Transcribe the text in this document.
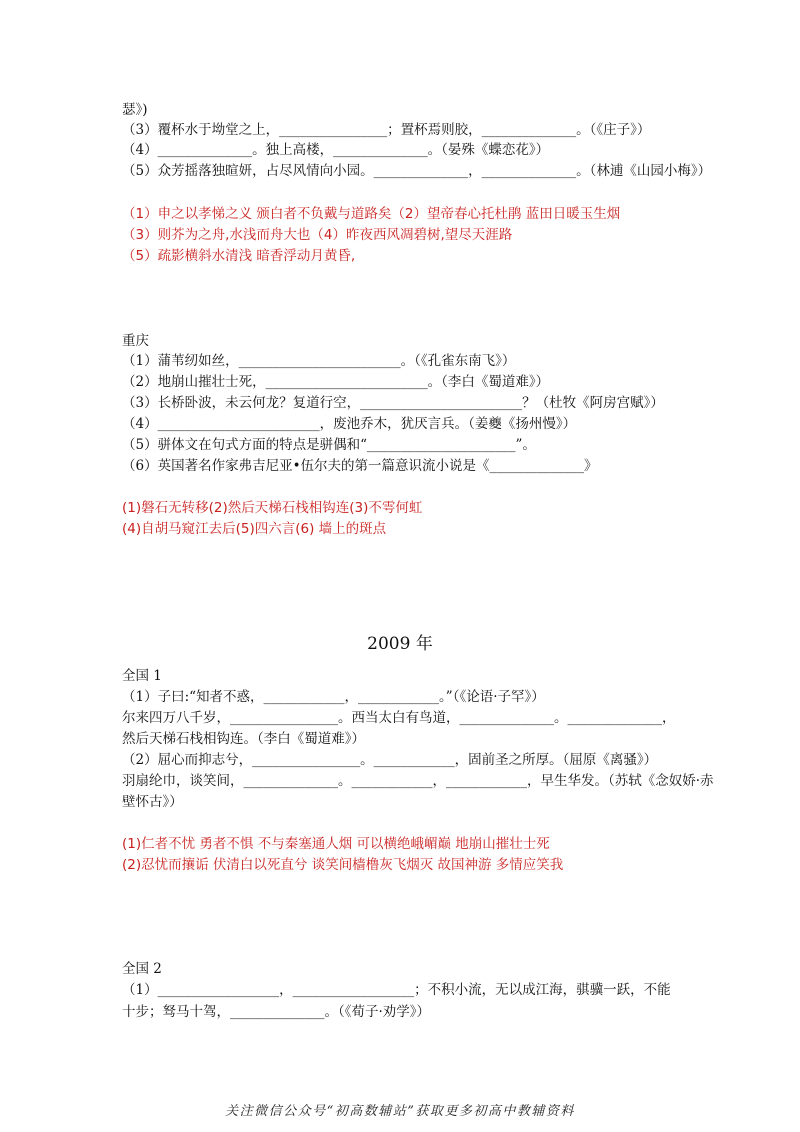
瑟》)
（3）覆杯水于坳堂之上，________________；置杯焉则胶，______________。（《庄子》）
（4）______________。独上高楼，______________。（晏殊《蝶恋花》）
（5）众芳摇落独暄妍，占尽风情向小园。______________，______________。（林逋《山园小梅》）
（1）申之以孝悌之义 颁白者不负戴与道路矣（2）望帝春心托杜鹃 蓝田日暖玉生烟
（3）则芥为之舟,水浅而舟大也（4）昨夜西风凋碧树,望尽天涯路
（5）疏影横斜水清浅 暗香浮动月黄昏,
重庆
（1）蒲苇纫如丝，________________________。（《孔雀东南飞》）
（2）地崩山摧壮士死，________________________。（李白《蜀道难》）
（3）长桥卧波，未云何龙？复道行空，________________________？（杜牧《阿房宫赋》）
（4）________________________，废池乔木，犹厌言兵。（姜夔《扬州慢》）
（5）骈体文在句式方面的特点是骈偶和“______________________”。
（6）英国著名作家弗吉尼亚•伍尔夫的第一篇意识流小说是《______________》
(1)磐石无转移(2)然后天梯石栈相钩连(3)不雩何虹
(4)自胡马窥江去后(5)四六言(6) 墙上的斑点
2009 年
全国 1
（1）子曰:“知者不惑，____________，____________。”（《论语·子罕》）
尔来四万八千岁，________________。西当太白有鸟道，______________。______________，
然后天梯石栈相钩连。（李白《蜀道难》）
（2）屈心而抑志兮，________________。____________，固前圣之所厚。（屈原《离骚》）
羽扇纶巾，谈笑间，______________。____________，____________，早生华发。（苏轼《念奴娇·赤
壁怀古》）
(1)仁者不忧 勇者不惧 不与秦塞通人烟 可以横绝峨嵋巅 地崩山摧壮士死
(2)忍忧而攘诟 伏清白以死直兮 谈笑间樯橹灰飞烟灭 故国神游 多情应笑我
全国 2
（1）__________________，__________________；不积小流，无以成江海，骐骥一跃，不能
十步；驽马十驾，______________。（《荀子·劝学》）
关注微信公众号“初高数辅站”获取更多初高中教辅资料
